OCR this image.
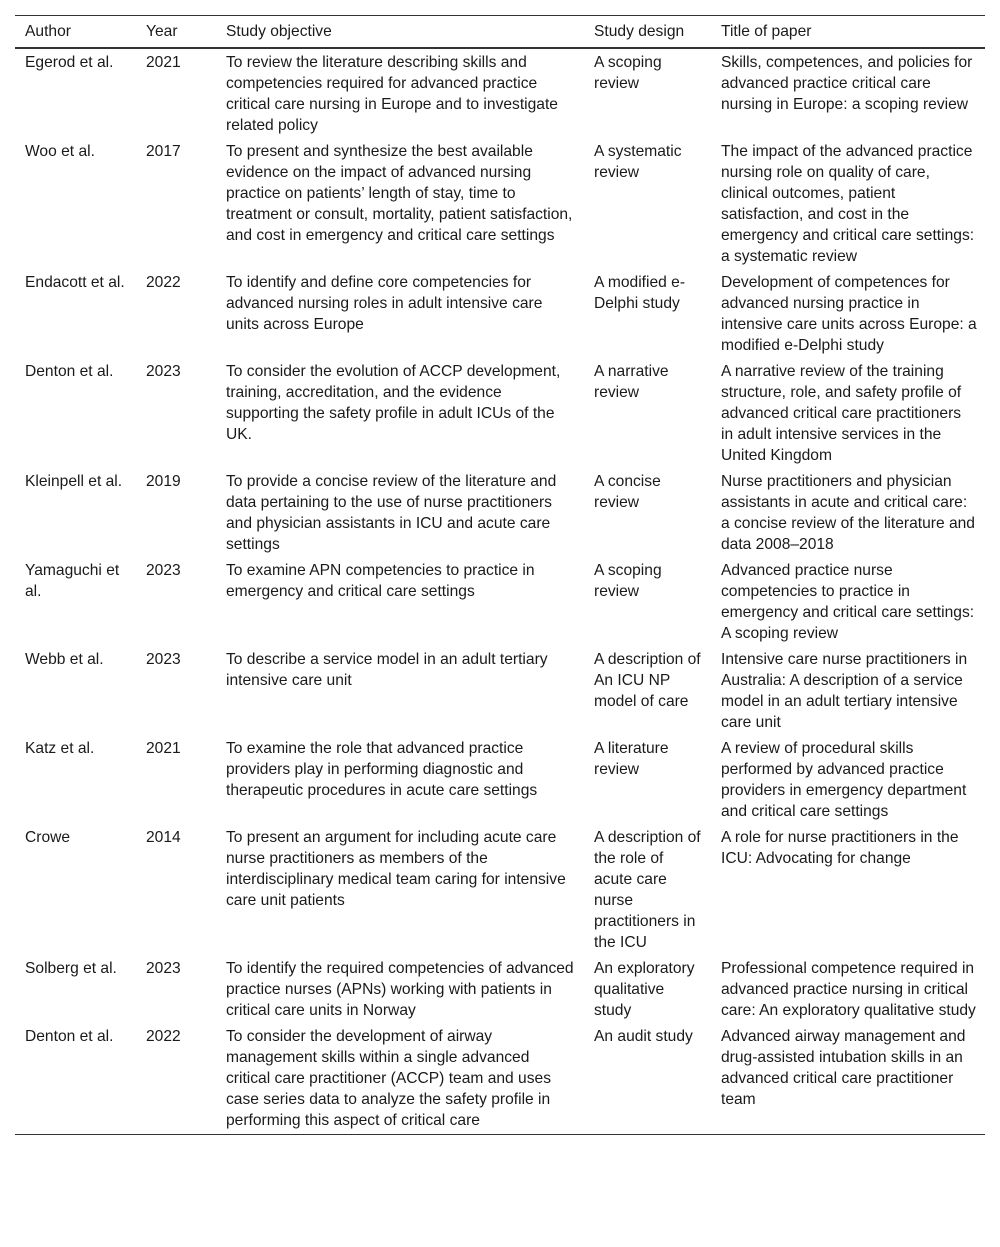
Author	Year	Study objective	Study design	Title of paper
Egerod et al.	2021	To review the literature describing skills and competencies required for advanced practice critical care nursing in Europe and to investigate related policy	A scoping review	Skills, competences, and policies for advanced practice critical care nursing in Europe: a scoping review
Woo et al.	2017	To present and synthesize the best available evidence on the impact of advanced nursing practice on patients’ length of stay, time to treatment or consult, mortality, patient satisfaction, and cost in emergency and critical care settings	A systematic review	The impact of the advanced practice nursing role on quality of care, clinical outcomes, patient satisfaction, and cost in the emergency and critical care settings: a systematic review
Endacott et al.	2022	To identify and define core competencies for advanced nursing roles in adult intensive care units across Europe	A modified e-Delphi study	Development of competences for advanced nursing practice in intensive care units across Europe: a modified e-Delphi study
Denton et al.	2023	To consider the evolution of ACCP development, training, accreditation, and the evidence supporting the safety profile in adult ICUs of the UK.	A narrative review	A narrative review of the training structure, role, and safety profile of advanced critical care practitioners in adult intensive services in the United Kingdom
Kleinpell et al.	2019	To provide a concise review of the literature and data pertaining to the use of nurse practitioners and physician assistants in ICU and acute care settings	A concise review	Nurse practitioners and physician assistants in acute and critical care: a concise review of the literature and data 2008–2018
Yamaguchi et al.	2023	To examine APN competencies to practice in emergency and critical care settings	A scoping review	Advanced practice nurse competencies to practice in emergency and critical care settings: A scoping review
Webb et al.	2023	To describe a service model in an adult tertiary intensive care unit	A description of An ICU NP model of care	Intensive care nurse practitioners in Australia: A description of a service model in an adult tertiary intensive care unit
Katz et al.	2021	To examine the role that advanced practice providers play in performing diagnostic and therapeutic procedures in acute care settings	A literature review	A review of procedural skills performed by advanced practice providers in emergency department and critical care settings
Crowe	2014	To present an argument for including acute care nurse practitioners as members of the interdisciplinary medical team caring for intensive care unit patients	A description of the role of acute care nurse practitioners in the ICU	A role for nurse practitioners in the ICU: Advocating for change
Solberg et al.	2023	To identify the required competencies of advanced practice nurses (APNs) working with patients in critical care units in Norway	An exploratory qualitative study	Professional competence required in advanced practice nursing in critical care: An exploratory qualitative study
Denton et al.	2022	To consider the development of airway management skills within a single advanced critical care practitioner (ACCP) team and uses case series data to analyze the safety profile in performing this aspect of critical care	An audit study	Advanced airway management and drug-assisted intubation skills in an advanced critical care practitioner team
